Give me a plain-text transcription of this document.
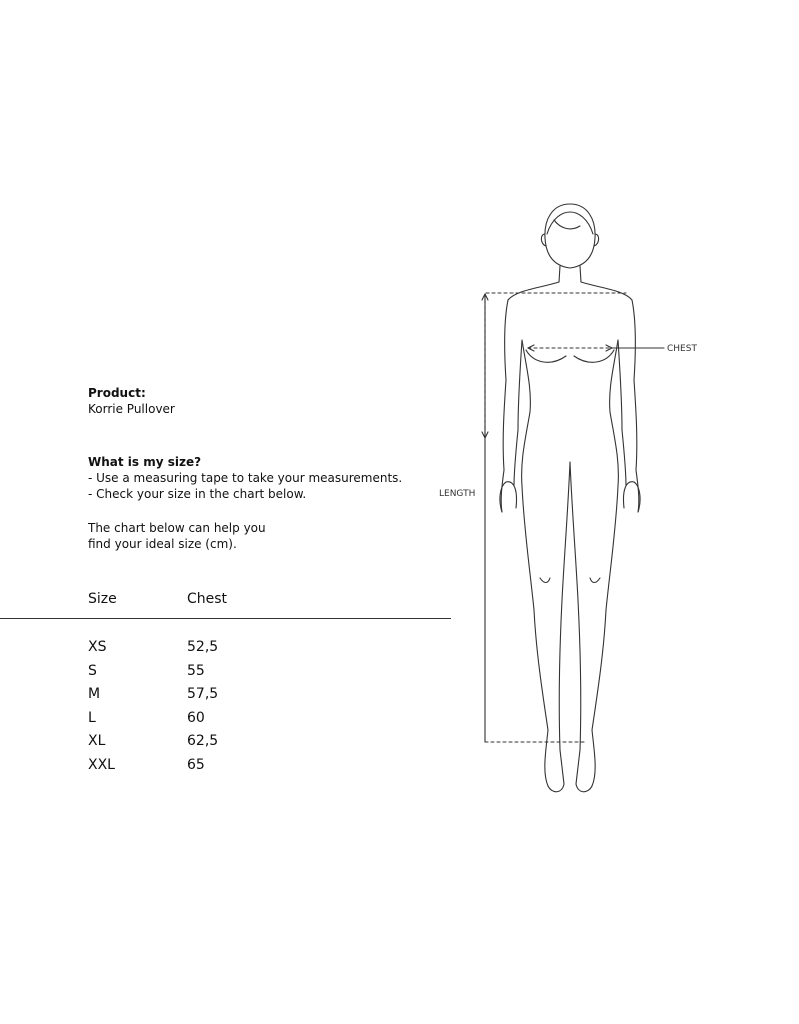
Product:
Korrie Pullover
What is my size?
- Use a measuring tape to take your measurements.
- Check your size in the chart below.
The chart below can help you
find your ideal size (cm).
Size	Chest
XS	52,5
S	55
M	57,5
L	60
XL	62,5
XXL	65
CHEST
LENGTH
